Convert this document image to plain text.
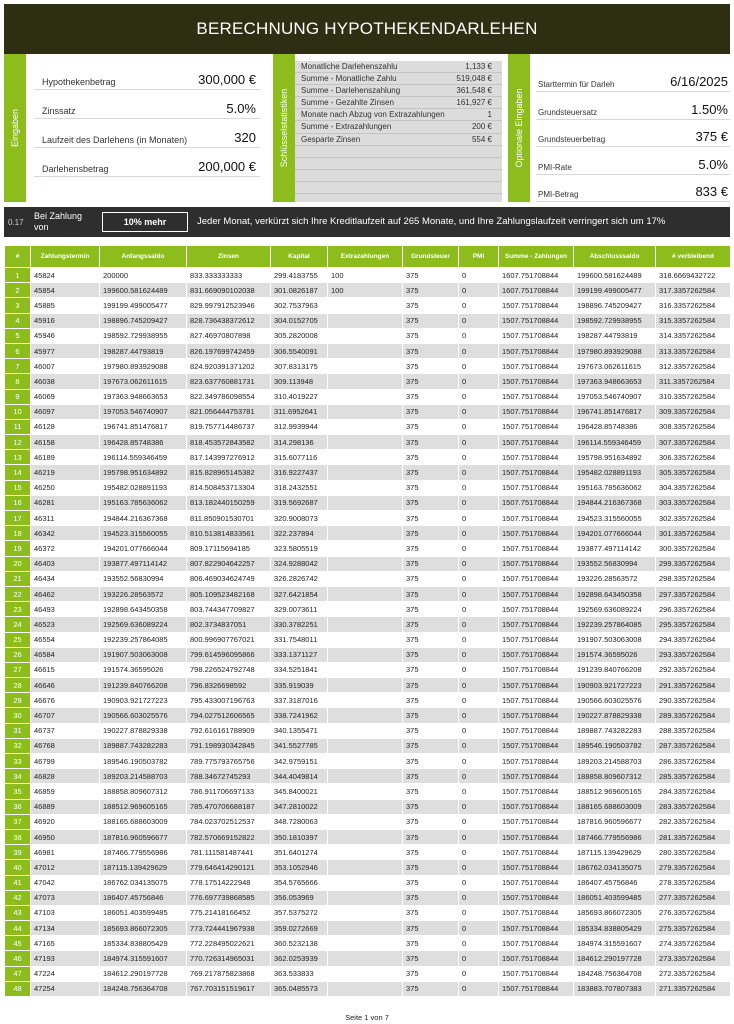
BERECHNUNG HYPOTHEKENDARLEHEN
Eingaben
Hypothekenbetrag	300,000 €
Zinssatz	5.0%
Laufzeit des Darlehens (in Monaten)	320
Darlehensbetrag	200,000 €	Schlüsselstatistiken
Monatliche Darlehenszahlu	1,133 €
Summe - Monatliche Zahlu	519,048 €
Summe - Darlehenszahlung	361,548 €
Summe - Gezahlte Zinsen	161,927 €
Monate nach Abzug von Extrazahlungen	1
Summe - Extrazahlungen	200 €
Gesparte Zinsen	554 € Optionale Eingaben
Starttermin für Darleh	6/16/2025
Grundsteuersatz	1.50%
Grundsteuerbetrag	375 €
PMI-Rate	5.0%
PMI-Betrag	833 €
0.17
Bei Zahlung von	10% mehr	Jeder Monat, verkürzt sich Ihre Kreditlaufzeit auf 265 Monate, und Ihre Zahlungslaufzeit verringert sich um 17%
#	Zahlungstermin	Anfangssaldo	Zinsen	Kapital	Extrazahlungen	Grundsteuer	PMI	Summe - Zahlungen	Abschlusssaldo	# verbleibend
1	45824	200000	833.333333333	299.4183755	100	375	0	1607.751708844	199600.581624489	318.6669432722
2	45854	199600.581624489	831.669090102038	301.0826187	100	375	0	1607.751708844	199199.499005477	317.3357262584
3	45885	199199.499005477	829.997912523946	302.7537963		375	0	1507.751708844	198896.745209427	316.3357262584
4	45916	198896.745209427	828.736438372612	304.0152705		375	0	1507.751708844	198592.729938955	315.3357262584
5	45946	198592.729938955	827.46970807898	305.2820008		375	0	1507.751708844	198287.44793819	314.3357262584
6	45977	198287.44793819	826.197699742459	306.5540091		375	0	1507.751708844	197980.893929088	313.3357262584
7	46007	197980.893929088	824.920391371202	307.8313175		375	0	1507.751708844	197673.062611615	312.3357262584
8	46038	197673.062611615	823.637760881731	309.113948		375	0	1507.751708844	197363.948663653	311.3357262584
9	46069	197363.948663653	822.349786098554	310.4019227		375	0	1507.751708844	197053.546740907	310.3357262584
10	46097	197053.546740907	821.056444753781	311.6952641		375	0	1507.751708844	196741.851476817	309.3357262584
11	46128	196741.851476817	819.757714486737	312.9939944		375	0	1507.751708844	196428.85748386	308.3357262584
12	46158	196428.85748386	818.453572843582	314.298136		375	0	1507.751708844	196114.559346459	307.3357262584
13	46189	196114.559346459	817.143997276912	315.6077116		375	0	1507.751708844	195798.951634892	306.3357262584
14	46219	195798.951634892	815.828965145382	316.9227437		375	0	1507.751708844	195482.028891193	305.3357262584
15	46250	195482.028891193	814.508453713304	318.2432551		375	0	1507.751708844	195163.785636062	304.3357262584
16	46281	195163.785636062	813.182440150259	319.5692687		375	0	1507.751708844	194844.216367368	303.3357262584
17	46311	194844.216367368	811.850901530701	320.9008073		375	0	1507.751708844	194523.315560055	302.3357262584
18	46342	194523.315560055	810.513814833561	322.237894		375	0	1507.751708844	194201.077666044	301.3357262584
19	46372	194201.077666044	809.17115694185	323.5805519		375	0	1507.751708844	193877.497114142	300.3357262584
20	46403	193877.497114142	807.822904642257	324.9288042		375	0	1507.751708844	193552.56830994	299.3357262584
21	46434	193552.56830994	806.469034624749	326.2826742		375	0	1507.751708844	193226.28563572	298.3357262584
22	46462	193226.28563572	805.109523482168	327.6421854		375	0	1507.751708844	192898.643450358	297.3357262584
23	46493	192898.643450358	803.744347709827	329.0073611		375	0	1507.751708844	192569.636089224	296.3357262584
24	46523	192569.636089224	802.3734837051	330.3782251		375	0	1507.751708844	192239.257864085	295.3357262584
25	46554	192239.257864085	800.996907767021	331.7548011		375	0	1507.751708844	191907.503063008	294.3357262584
26	46584	191907.503063008	799.614596095866	333.1371127		375	0	1507.751708844	191574.36595026	293.3357262584
27	46615	191574.36595026	798.226524792748	334.5251841		375	0	1507.751708844	191239.840766208	292.3357262584
28	46646	191239.840766208	796.8326698592	335.919039		375	0	1507.751708844	190903.921727223	291.3357262584
29	46676	190903.921727223	795.433007196763	337.3187016		375	0	1507.751708844	190566.603025576	290.3357262584
30	46707	190566.603025576	794.027512606565	338.7241962		375	0	1507.751708844	190227.878829338	289.3357262584
31	46737	190227.878829338	792.616161788909	340.1355471		375	0	1507.751708844	189887.743282283	288.3357262584
32	46768	189887.743282283	791.198930342845	341.5527785		375	0	1507.751708844	189546.190503782	287.3357262584
33	46799	189546.190503782	789.775793765756	342.9759151		375	0	1507.751708844	189203.214588703	286.3357262584
34	46828	189203.214588703	788.34672745293	344.4049814		375	0	1507.751708844	188858.809607312	285.3357262584
35	46859	188858.809607312	786.911706697133	345.8400021		375	0	1507.751708844	188512.969605165	284.3357262584
36	46889	188512.969605165	785.470706688187	347.2810022		375	0	1507.751708844	188165.688603009	283.3357262584
37	46920	188165.688603009	784.023702512537	348.7280063		375	0	1507.751708844	187816.960596677	282.3357262584
38	46950	187816.960596677	782.570669152822	350.1810397		375	0	1507.751708844	187466.779556986	281.3357262584
39	46981	187466.779556986	781.111581487441	351.6401274		375	0	1507.751708844	187115.139429629	280.3357262584
40	47012	187115.139429629	779.646414290121	353.1052946		375	0	1507.751708844	186762.034135075	279.3357262584
41	47042	186762.034135075	778.17514222948	354.5765666		375	0	1507.751708844	186407.45756846	278.3357262584
42	47073	186407.45756846	776.697739868585	356.053969		375	0	1507.751708844	186051.403599485	277.3357262584
43	47103	186051.403599485	775.21418166452	357.5375272		375	0	1507.751708844	185693.866072305	276.3357262584
44	47134	185693.866072305	773.724441967938	359.0272669		375	0	1507.751708844	185334.838805429	275.3357262584
45	47165	185334.838805429	772.228495022621	360.5232138		375	0	1507.751708844	184974.315591607	274.3357262584
46	47193	184974.315591607	770.726314965031	362.0253939		375	0	1507.751708844	184612.290197728	273.3357262584
47	47224	184612.290197728	769.217875823868	363.533833		375	0	1507.751708844	184248.756364708	272.3357262584
48	47254	184248.756364708	767.703151519617	365.0485573		375	0	1507.751708844	183883.707807383	271.3357262584
Seite 1 von 7
